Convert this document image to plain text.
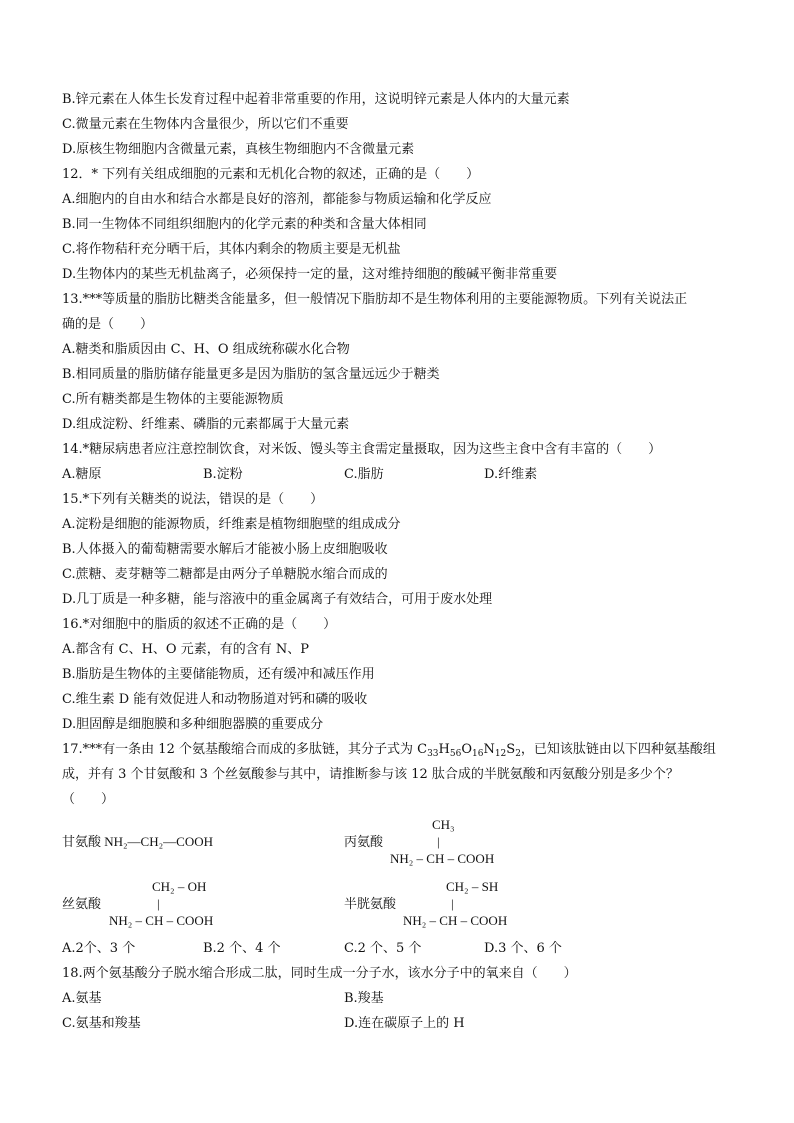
B.锌元素在人体生长发育过程中起着非常重要的作用，这说明锌元素是人体内的大量元素
C.微量元素在生物体内含量很少，所以它们不重要
D.原核生物细胞内含微量元素，真核生物细胞内不含微量元素
12．* 下列有关组成细胞的元素和无机化合物的叙述，正确的是（　　）
A.细胞内的自由水和结合水都是良好的溶剂，都能参与物质运输和化学反应
B.同一生物体不同组织细胞内的化学元素的种类和含量大体相同
C.将作物秸秆充分晒干后，其体内剩余的物质主要是无机盐
D.生物体内的某些无机盐离子，必须保持一定的量，这对维持细胞的酸碱平衡非常重要
13.***等质量的脂肪比糖类含能量多，但一般情况下脂肪却不是生物体利用的主要能源物质。下列有关说法正
确的是（　　）
A.糖类和脂质因由 C、H、O 组成统称碳水化合物
B.相同质量的脂肪储存能量更多是因为脂肪的氢含量远远少于糖类
C.所有糖类都是生物体的主要能源物质
D.组成淀粉、纤维素、磷脂的元素都属于大量元素
14.*糖尿病患者应注意控制饮食，对米饭、馒头等主食需定量摄取，因为这些主食中含有丰富的（　　）
A.糖原	B.淀粉	C.脂肪	D.纤维素
15.*下列有关糖类的说法，错误的是（　　）
A.淀粉是细胞的能源物质，纤维素是植物细胞壁的组成成分
B.人体摄入的葡萄糖需要水解后才能被小肠上皮细胞吸收
C.蔗糖、麦芽糖等二糖都是由两分子单糖脱水缩合而成的
D.几丁质是一种多糖，能与溶液中的重金属离子有效结合，可用于废水处理
16.*对细胞中的脂质的叙述不正确的是（　　）
A.都含有 C、H、O 元素，有的含有 N、P
B.脂肪是生物体的主要储能物质，还有缓冲和减压作用
C.维生素 D 能有效促进人和动物肠道对钙和磷的吸收
D.胆固醇是细胞膜和多种细胞器膜的重要成分
17.***有一条由 12 个氨基酸缩合而成的多肽链，其分子式为 $C_{33}H_{56}O_{16}N_{12}S_2$，已知该肽链由以下四种氨基酸组
成，并有 3 个甘氨酸和 3 个丝氨酸参与其中，请推断参与该 12 肽合成的半胱氨酸和丙氨酸分别是多少个？
（　　）
甘氨酸 NH₂—CH₂—COOH	丙氨酸
CH₃
|
NH₂ – CH – COOH
丝氨酸
CH₂ – OH
|
NH₂ – CH – COOH
半胱氨酸
CH₂ – SH
|
NH₂ – CH – COOH
A.2个、3 个	B.2 个、4 个	C.2 个、5 个	D.3 个、6 个
18.两个氨基酸分子脱水缩合形成二肽，同时生成一分子水，该水分子中的氧来自（　　）
A.氨基	B.羧基
C.氨基和羧基	D.连在碳原子上的 H
